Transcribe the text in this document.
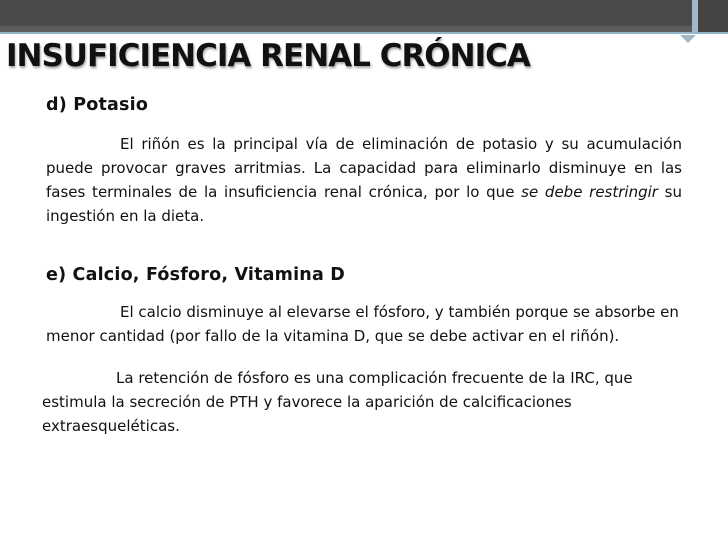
INSUFICIENCIA RENAL CRÓNICA
d) Potasio

El riñón es la principal vía de eliminación de potasio y su acumulación puede provocar graves arritmias. La capacidad para eliminarlo disminuye en las fases terminales de la insuficiencia renal crónica, por lo que se debe restringir su ingestión en la dieta.

e) Calcio, Fósforo, Vitamina D

El calcio disminuye al elevarse el fósforo, y también porque se absorbe en menor cantidad (por fallo de la vitamina D, que se debe activar en el riñón).

La retención de fósforo es una complicación frecuente de la IRC, que estimula la secreción de PTH y favorece la aparición de calcificaciones extraesqueléticas.
